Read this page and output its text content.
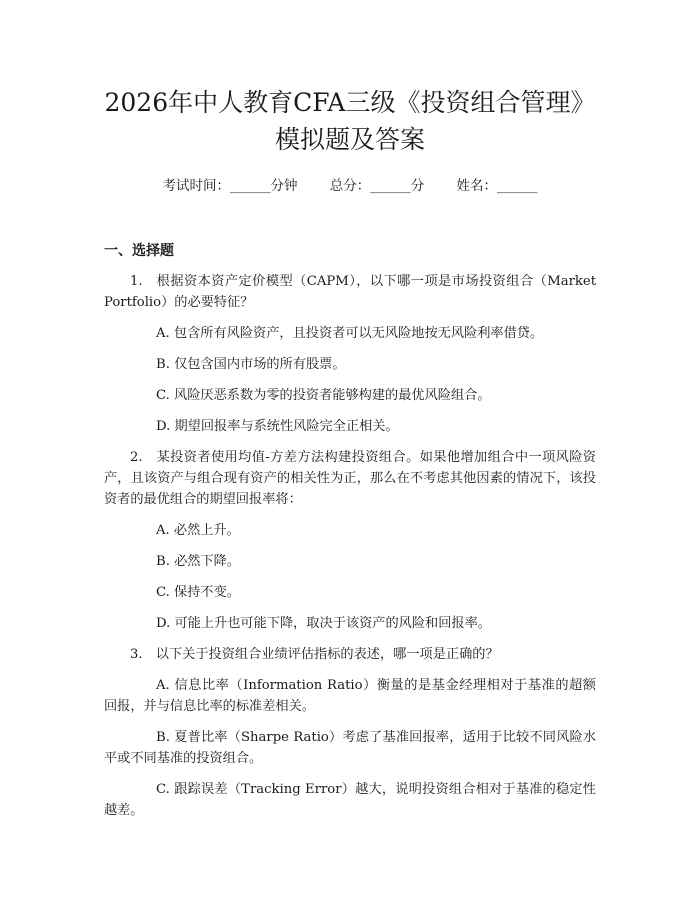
2026年中人教育CFA三级《投资组合管理》
模拟题及答案
考试时间：______分钟 总分：______分 姓名：______
一、选择题
1.　根据资本资产定价模型（CAPM），以下哪一项是市场投资组合（Market Portfolio）的必要特征？
A. 包含所有风险资产，且投资者可以无风险地按无风险利率借贷。
B. 仅包含国内市场的所有股票。
C. 风险厌恶系数为零的投资者能够构建的最优风险组合。
D. 期望回报率与系统性风险完全正相关。
2.　某投资者使用均值-方差方法构建投资组合。如果他增加组合中一项风险资产，且该资产与组合现有资产的相关性为正，那么在不考虑其他因素的情况下，该投资者的最优组合的期望回报率将：
A. 必然上升。
B. 必然下降。
C. 保持不变。
D. 可能上升也可能下降，取决于该资产的风险和回报率。
3.　以下关于投资组合业绩评估指标的表述，哪一项是正确的？
A. 信息比率（Information Ratio）衡量的是基金经理相对于基准的超额回报，并与信息比率的标准差相关。
B. 夏普比率（Sharpe Ratio）考虑了基准回报率，适用于比较不同风险水平或不同基准的投资组合。
C. 跟踪误差（Tracking Error）越大，说明投资组合相对于基准的稳定性越差。
